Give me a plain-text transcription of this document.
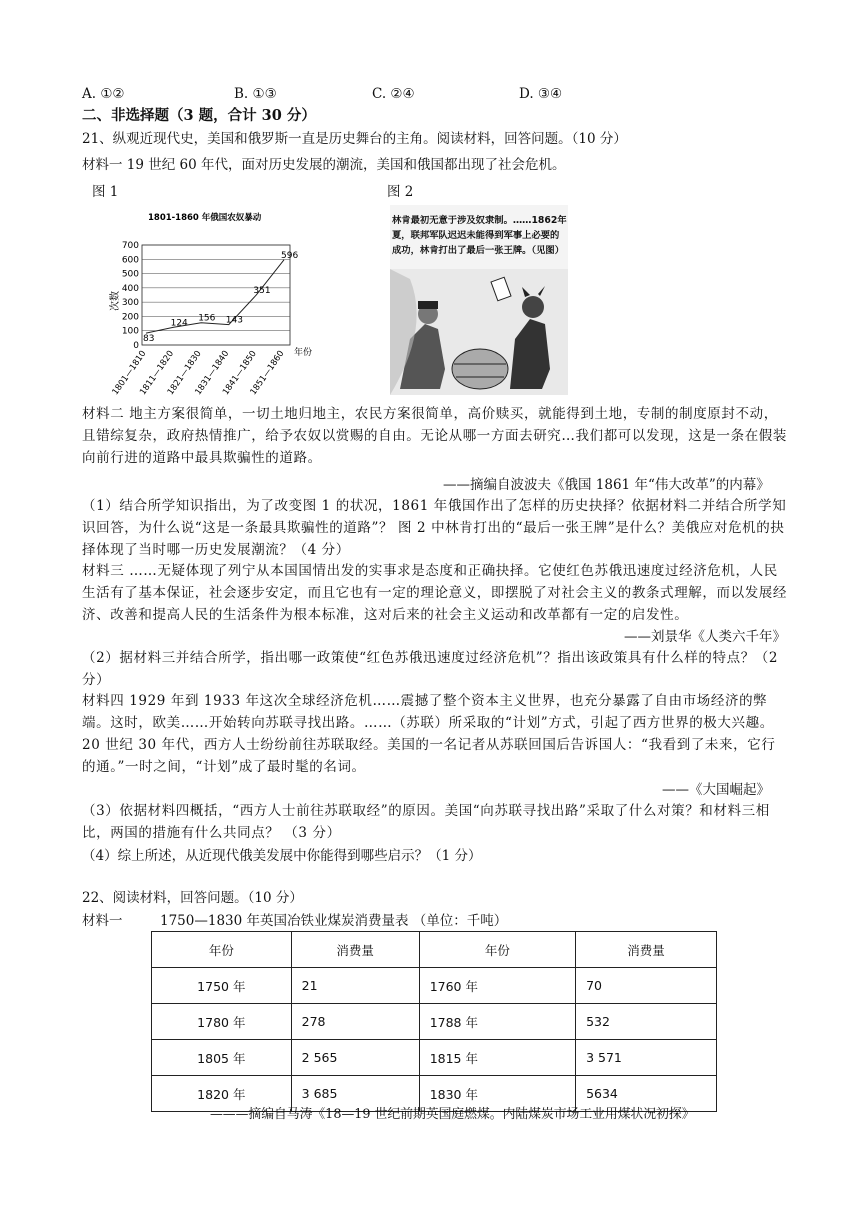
A. ①②	B. ①③	C. ②④	D. ③④
二、非选择题（3 题，合计 30 分）
21、纵观近现代史，美国和俄罗斯一直是历史舞台的主角。阅读材料，回答问题。（10 分）
材料一 19 世纪 60 年代，面对历史发展的潮流，美国和俄国都出现了社会危机。
图 1	图 2
1801-1860 年俄国农奴暴动
700
600
500
400
300
200
100
0
次数
1801—1810
1811—1820
1821—1830
1831—1840
1841—1850
1851—1860 年份
83
124 156 143
351
596
林肯最初无意于涉及奴隶制。……1862年夏，联邦军队迟迟未能得到军事上必要的成功，林肯打出了最后一张王牌。（见图）
材料二 地主方案很简单，一切土地归地主，农民方案很简单，高价赎买，就能得到土地，专制的制度原封不动，且错综复杂，政府热情推广，给予农奴以赏赐的自由。无论从哪一方面去研究…我们都可以发现，这是一条在假装向前行进的道路中最具欺骗性的道路。
——摘编自波波夫《俄国 1861 年“伟大改革”的内幕》
（1）结合所学知识指出，为了改变图 1 的状况，1861 年俄国作出了怎样的历史抉择？依据材料二并结合所学知识回答，为什么说“这是一条最具欺骗性的道路”？ 图 2 中林肯打出的“最后一张王牌”是什么？美俄应对危机的抉择体现了当时哪一历史发展潮流？（4 分）
材料三 ……无疑体现了列宁从本国国情出发的实事求是态度和正确抉择。它使红色苏俄迅速度过经济危机，人民生活有了基本保证，社会逐步安定，而且它也有一定的理论意义，即摆脱了对社会主义的教条式理解，而以发展经济、改善和提高人民的生活条件为根本标准，这对后来的社会主义运动和改革都有一定的启发性。
——刘景华《人类六千年》
（2）据材料三并结合所学，指出哪一政策使“红色苏俄迅速度过经济危机”？指出该政策具有什么样的特点？（2 分）
材料四 1929 年到 1933 年这次全球经济危机……震撼了整个资本主义世界，也充分暴露了自由市场经济的弊端。这时，欧美……开始转向苏联寻找出路。……（苏联）所采取的“计划”方式，引起了西方世界的极大兴趣。20 世纪 30 年代，西方人士纷纷前往苏联取经。美国的一名记者从苏联回国后告诉国人：“我看到了未来，它行的通。”一时之间，“计划”成了最时髦的名词。
——《大国崛起》
（3）依据材料四概括，“西方人士前往苏联取经”的原因。美国“向苏联寻找出路”采取了什么对策？和材料三相比，两国的措施有什么共同点？ （3 分）
（4）综上所述，从近现代俄美发展中你能得到哪些启示？（1 分）
22、阅读材料，回答问题。（10 分）
材料一	1750—1830 年英国冶铁业煤炭消费量表 （单位：千吨）
年份	消费量	年份	消费量
1750 年	21	1760 年	70
1780 年	278	1788 年	532
1805 年	2 565	1815 年	3 571
1820 年	3 685	1830 年	5634
———摘编自马涛《18—19 世纪前期英国庭燃煤。内陆煤炭市场工业用煤状况初探》
